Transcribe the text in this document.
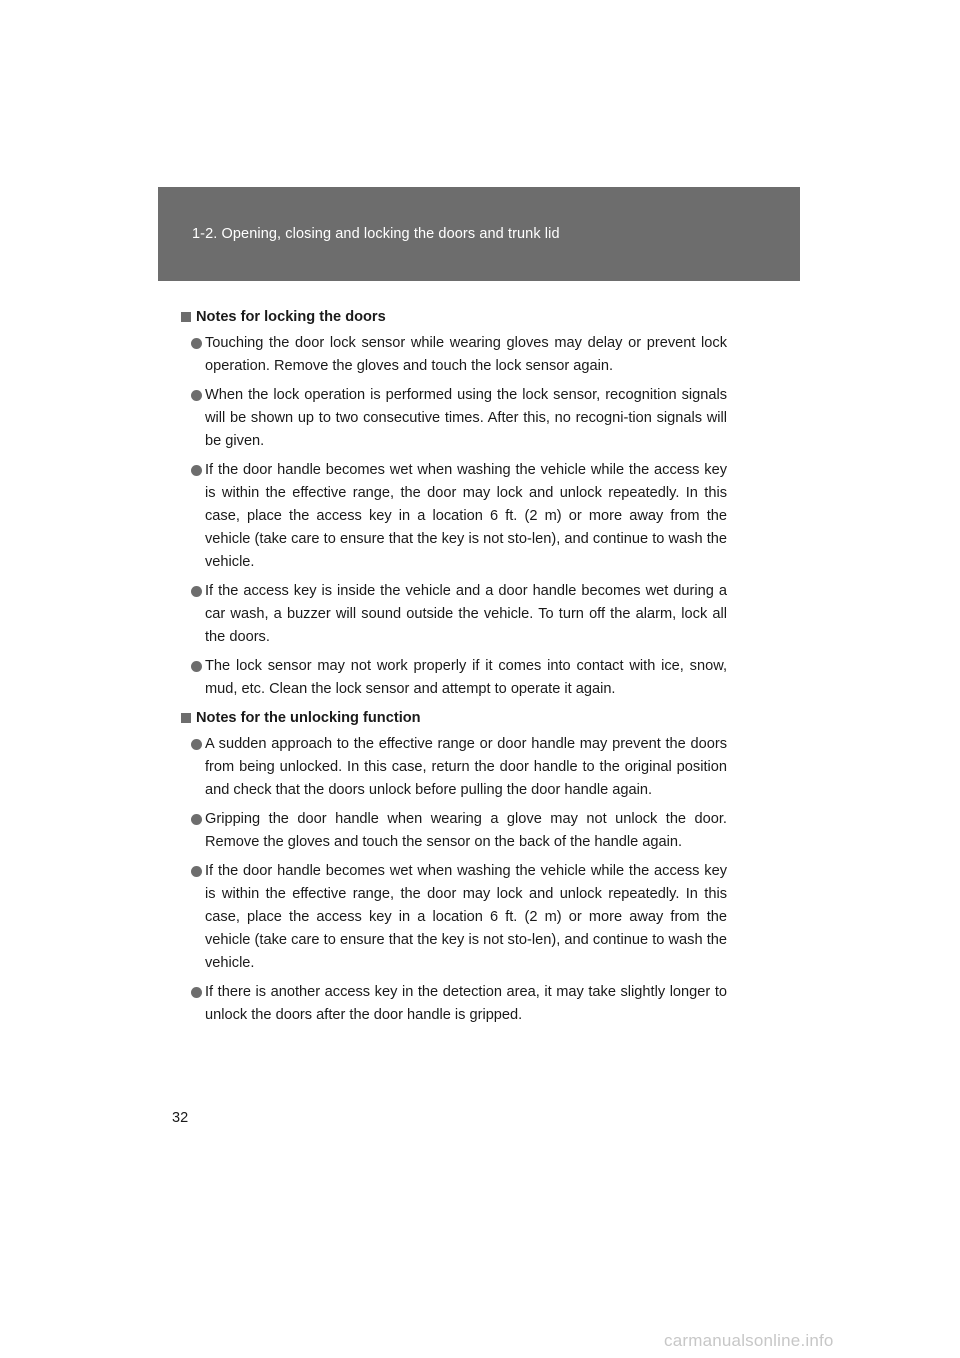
1-2. Opening, closing and locking the doors and trunk lid
Notes for locking the doors
Touching the door lock sensor while wearing gloves may delay or prevent lock operation. Remove the gloves and touch the lock sensor again.
When the lock operation is performed using the lock sensor, recognition signals will be shown up to two consecutive times. After this, no recogni-tion signals will be given.
If the door handle becomes wet when washing the vehicle while the access key is within the effective range, the door may lock and unlock repeatedly. In this case, place the access key in a location 6 ft. (2 m) or more away from the vehicle (take care to ensure that the key is not sto-len), and continue to wash the vehicle.
If the access key is inside the vehicle and a door handle becomes wet during a car wash, a buzzer will sound outside the vehicle. To turn off the alarm, lock all the doors.
The lock sensor may not work properly if it comes into contact with ice, snow, mud, etc. Clean the lock sensor and attempt to operate it again.
Notes for the unlocking function
A sudden approach to the effective range or door handle may prevent the doors from being unlocked. In this case, return the door handle to the original position and check that the doors unlock before pulling the door handle again.
Gripping the door handle when wearing a glove may not unlock the door. Remove the gloves and touch the sensor on the back of the handle again.
If the door handle becomes wet when washing the vehicle while the access key is within the effective range, the door may lock and unlock repeatedly. In this case, place the access key in a location 6 ft. (2 m) or more away from the vehicle (take care to ensure that the key is not sto-len), and continue to wash the vehicle.
If there is another access key in the detection area, it may take slightly longer to unlock the doors after the door handle is gripped.
32
carmanualsonline.info
